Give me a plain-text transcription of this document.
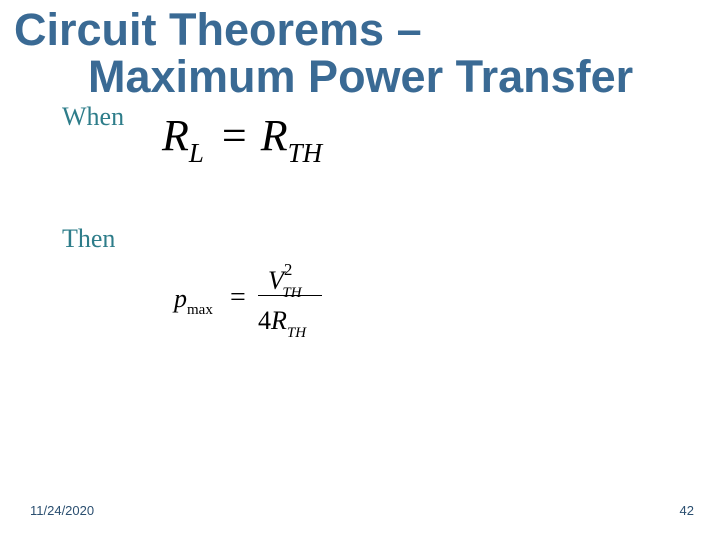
Circuit Theorems –
Maximum Power Transfer
When $R_L = R_{TH}$
Then
$p_{max}$ =
$V^2_{TH}$
$4R_{TH}$
11/24/2020	42
